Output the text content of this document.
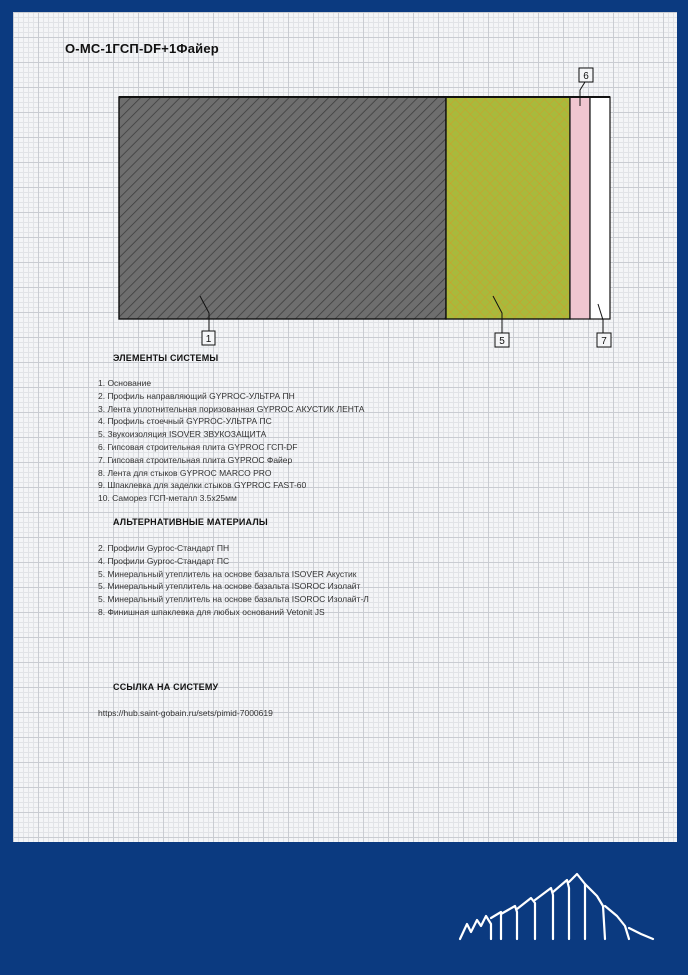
О-МС-1ГСП-DF+1Файер
1	5
6
7
ЭЛЕМЕНТЫ СИСТЕМЫ
1. Основание
2. Профиль направляющий GYPROC-УЛЬТРА ПН
3. Лента уплотнительная поризованная GYPROC АКУСТИК ЛЕНТА
4. Профиль стоечный GYPROC-УЛЬТРА ПС
5. Звукоизоляция ISOVER ЗВУКОЗАЩИТА
6. Гипсовая строительная плита GYPROC ГСП-DF
7. Гипсовая строительная плита GYPROC Файер
8. Лента для стыков GYPROC MARCO PRO
9. Шпаклевка для заделки стыков GYPROC FAST-60
10. Саморез ГСП-металл 3.5х25мм
АЛЬТЕРНАТИВНЫЕ МАТЕРИАЛЫ
2. Профили Gyproc-Стандарт ПН
4. Профили Gyproc-Стандарт ПС
5. Минеральный утеплитель на основе базальта ISOVER Акустик
5. Минеральный утеплитель на основе базальта ISOROC Изолайт
5. Минеральный утеплитель на основе базальта ISOROC Изолайт-Л
8. Финишная шпаклевка для любых оснований Vetonit JS
ССЫЛКА НА СИСТЕМУ
https://hub.saint-gobain.ru/sets/pimid-7000619
